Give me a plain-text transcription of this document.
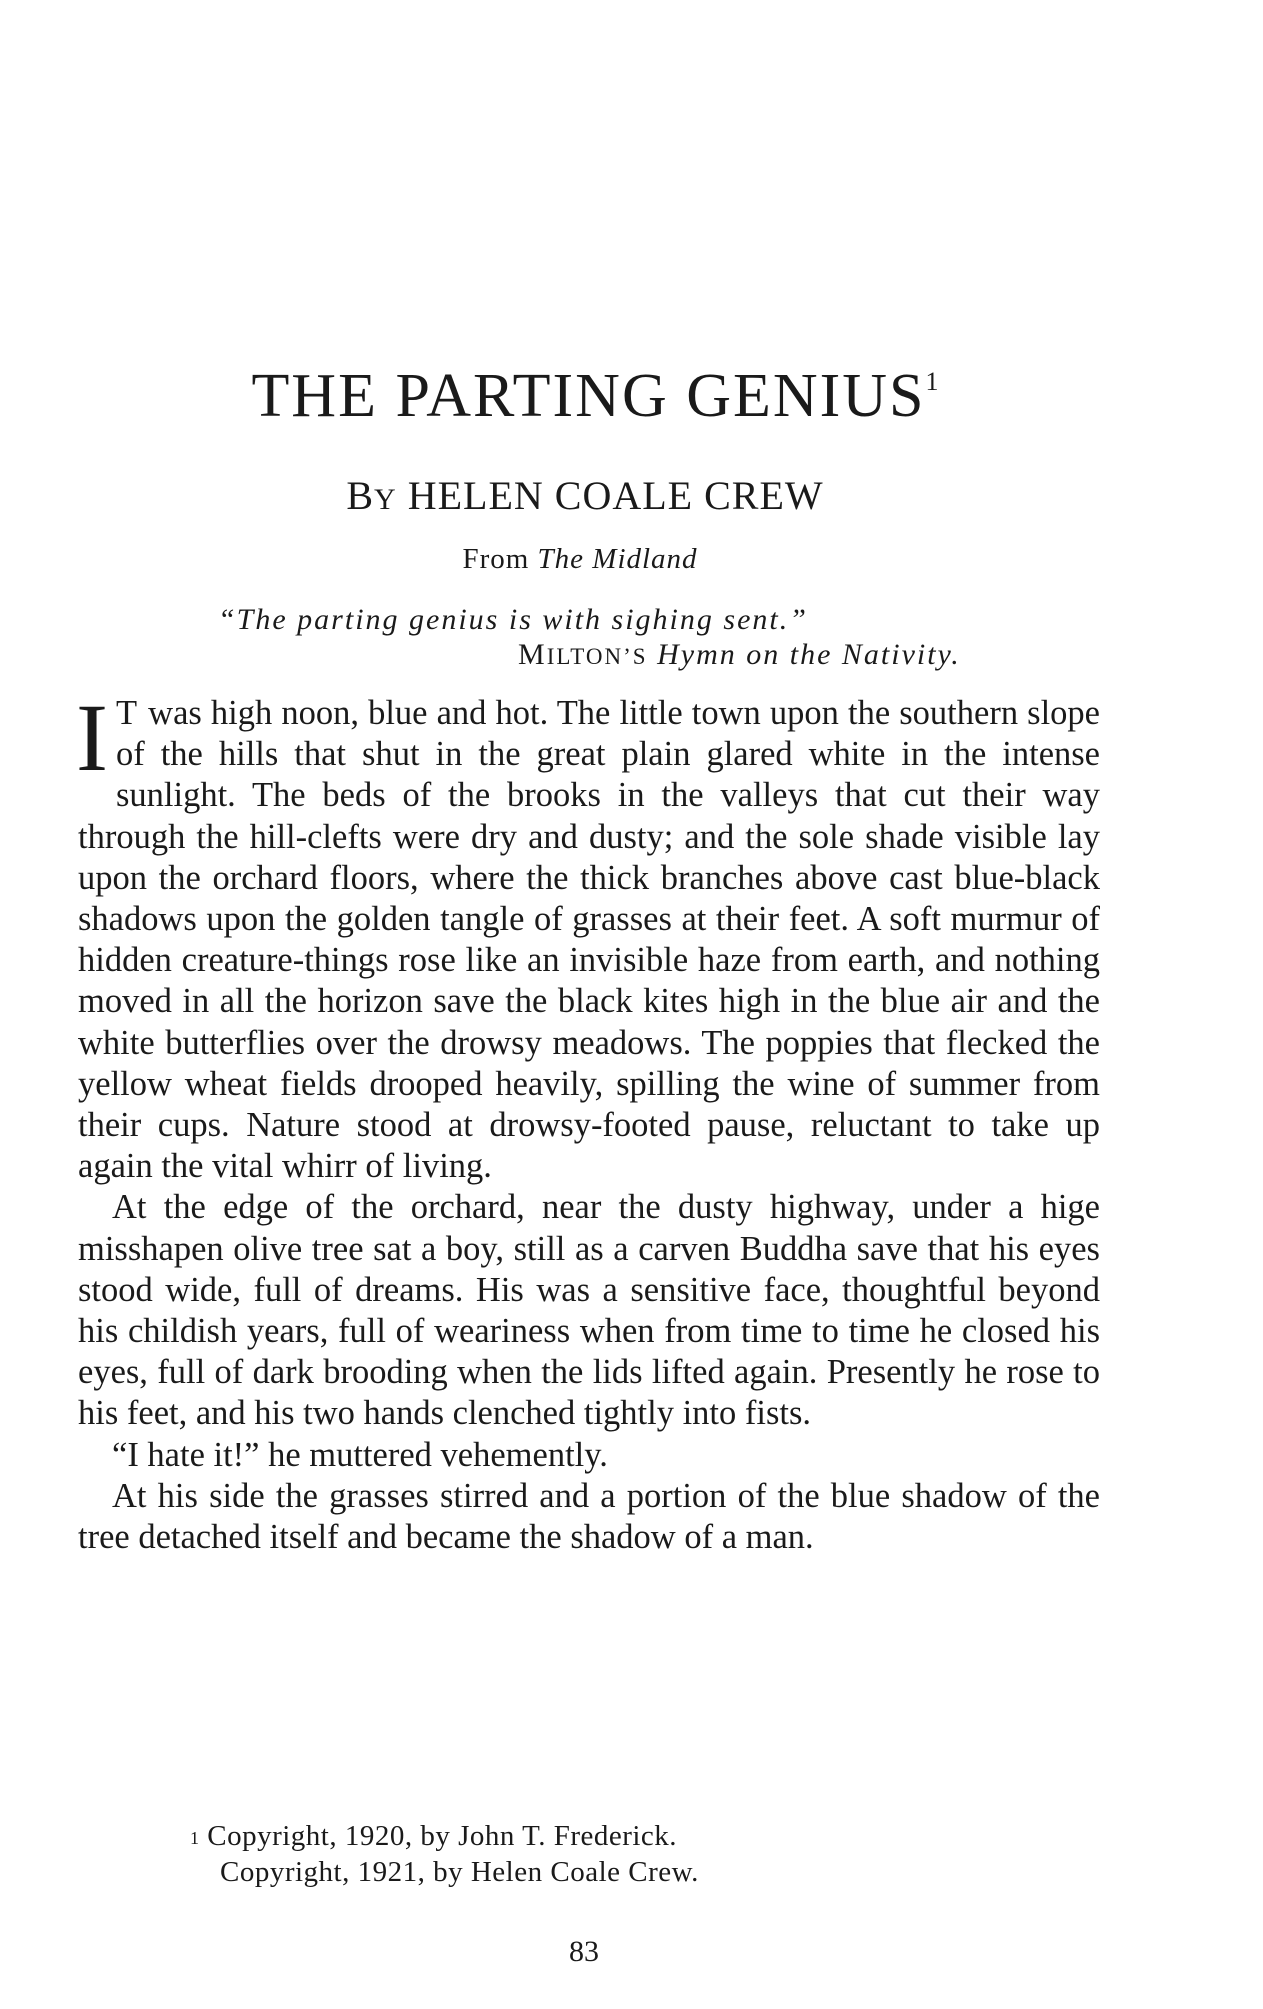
THE PARTING GENIUS$^1$
BY HELEN COALE CREW
From The Midland
“The parting genius is with sighing sent.”
MILTON’S Hymn on the Nativity.

I T was high noon, blue and hot. The little town upon the southern slope of the hills that shut in the great plain glared white in the intense sunlight. The beds of the brooks in the valleys that cut their way through the hill-clefts were dry and dusty; and the sole shade visible lay upon the orchard floors, where the thick branches above cast blue-black shadows upon the golden tangle of grasses at their feet. A soft murmur of hidden creature-things rose like an invisible haze from earth, and nothing moved in all the horizon save the black kites high in the blue air and the white butterflies over the drowsy meadows. The poppies that flecked the yellow wheat fields drooped heavily, spilling the wine of summer from their cups. Nature stood at drowsy-footed pause, reluctant to take up again the vital whirr of living.

At the edge of the orchard, near the dusty highway, under a hige misshapen olive tree sat a boy, still as a carven Buddha save that his eyes stood wide, full of dreams. His was a sensitive face, thoughtful beyond his childish years, full of weariness when from time to time he closed his eyes, full of dark brooding when the lids lifted again. Presently he rose to his feet, and his two hands clenched tightly into fists.

“I hate it!” he muttered vehemently.

At his side the grasses stirred and a portion of the blue shadow of the tree detached itself and became the shadow of a man.

$^1$ Copyright, 1920, by John T. Frederick.
Copyright, 1921, by Helen Coale Crew.
83
